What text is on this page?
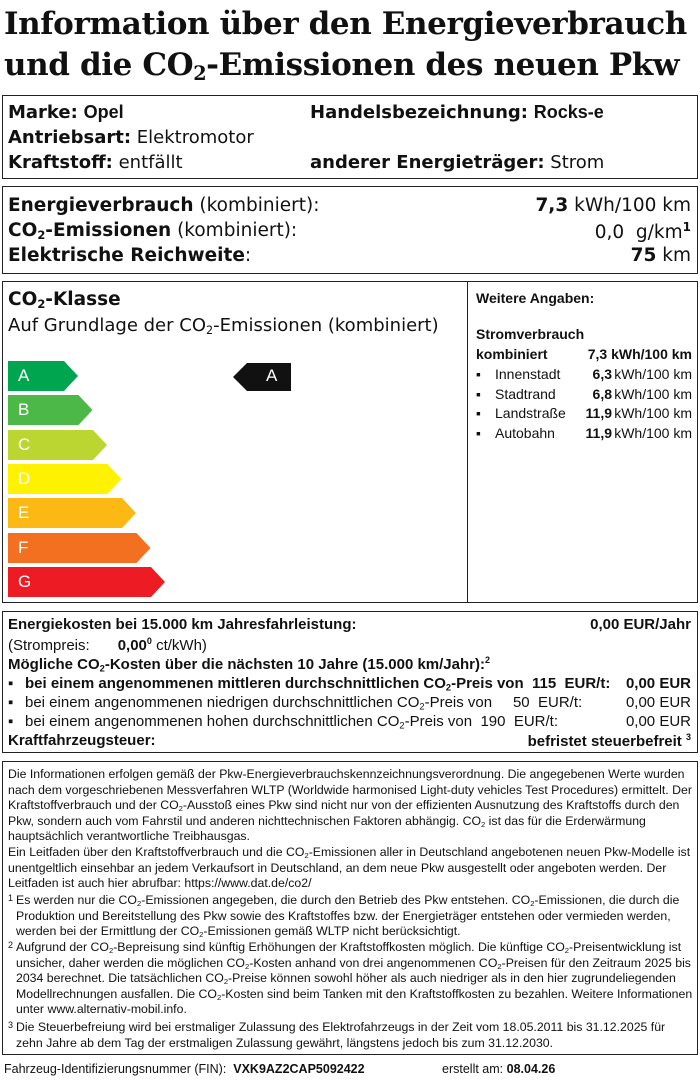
Information über den Energieverbrauch
und die $CO_2$-Emissionen des neuen Pkw
Marke: Opel	Handelsbezeichnung: Rocks-e
Antriebsart: Elektromotor
Kraftstoff: entfällt	anderer Energieträger: Strom
Energieverbrauch (kombiniert):	7,3 kWh/100 km
$CO_2$-Emissionen (kombiniert):	0,0 $g/km^1$
Elektrische Reichweite:	75 km
$CO_2$-Klasse
Auf Grundlage der $CO_2$-Emissionen (kombiniert)
A
B
C
D
E
F
G
A
Weitere Angaben:
Stromverbrauch
kombiniert	7,3 kWh/100 km
▪ Innenstadt 6,3 kWh/100 km
▪ Stadtrand	6,8 kWh/100 km
▪ Landstraße 11,9 kWh/100 km
▪ Autobahn 11,9 kWh/100 km
Energiekosten bei 15.000 km Jahresfahrleistung:	0,00 EUR/Jahr
(Strompreis: 0,00$^0$ ct/kWh)
Mögliche $CO_2$-Kosten über die nächsten 10 Jahre (15.000 km/Jahr):$^2$
▪ bei einem angenommenen mittleren durchschnittlichen $CO_2$-Preis von 115 EUR/t: 0,00 EUR
▪ bei einem angenommenen niedrigen durchschnittlichen $CO_2$-Preis von 50 EUR/t:	0,00 EUR
▪ bei einem angenommenen hohen durchschnittlichen $CO_2$-Preis von 190 EUR/t:	0,00 EUR
Kraftfahrzeugsteuer:	befristet steuerbefreit $^3$
Die Informationen erfolgen gemäß der Pkw-Energieverbrauchskennzeichnungsverordnung. Die angegebenen Werte wurden nach dem vorgeschriebenen Messverfahren WLTP (Worldwide harmonised Light-duty vehicles Test Procedures) ermittelt. Der Kraftstoffverbrauch und der $CO_2$-Ausstoß eines Pkw sind nicht nur von der effizienten Ausnutzung des Kraftstoffs durch den Pkw, sondern auch vom Fahrstil und anderen nichttechnischen Faktoren abhängig. $CO_2$ ist das für die Erderwärmung hauptsächlich verantwortliche Treibhausgas.
Ein Leitfaden über den Kraftstoffverbrauch und die $CO_2$-Emissionen aller in Deutschland angebotenen neuen Pkw-Modelle ist unentgeltlich einsehbar an jedem Verkaufsort in Deutschland, an dem neue Pkw ausgestellt oder angeboten werden. Der Leitfaden ist auch hier abrufbar: https://www.dat.de/co2/
1 Es werden nur die $CO_2$-Emissionen angegeben, die durch den Betrieb des Pkw entstehen. $CO_2$-Emissionen, die durch die Produktion und Bereitstellung des Pkw sowie des Kraftstoffes bzw. der Energieträger entstehen oder vermieden werden, werden bei der Ermittlung der $CO_2$-Emissionen gemäß WLTP nicht berücksichtigt.
2 Aufgrund der $CO_2$-Bepreisung sind künftig Erhöhungen der Kraftstoffkosten möglich. Die künftige $CO_2$-Preisentwicklung ist unsicher, daher werden die möglichen $CO_2$-Kosten anhand von drei angenommenen $CO_2$-Preisen für den Zeitraum 2025 bis 2034 berechnet. Die tatsächlichen $CO_2$-Preise können sowohl höher als auch niedriger als in den hier zugrundeliegenden Modellrechnungen ausfallen. Die $CO_2$-Kosten sind beim Tanken mit den Kraftstoffkosten zu bezahlen. Weitere Informationen unter www.alternativ-mobil.info.
3 Die Steuerbefreiung wird bei erstmaliger Zulassung des Elektrofahrzeugs in der Zeit vom 18.05.2011 bis 31.12.2025 für zehn Jahre ab dem Tag der erstmaligen Zulassung gewährt, längstens jedoch bis zum 31.12.2030.
Fahrzeug-Identifizierungsnummer (FIN): VXK9AZ2CAP5092422	erstellt am: 08.04.26
